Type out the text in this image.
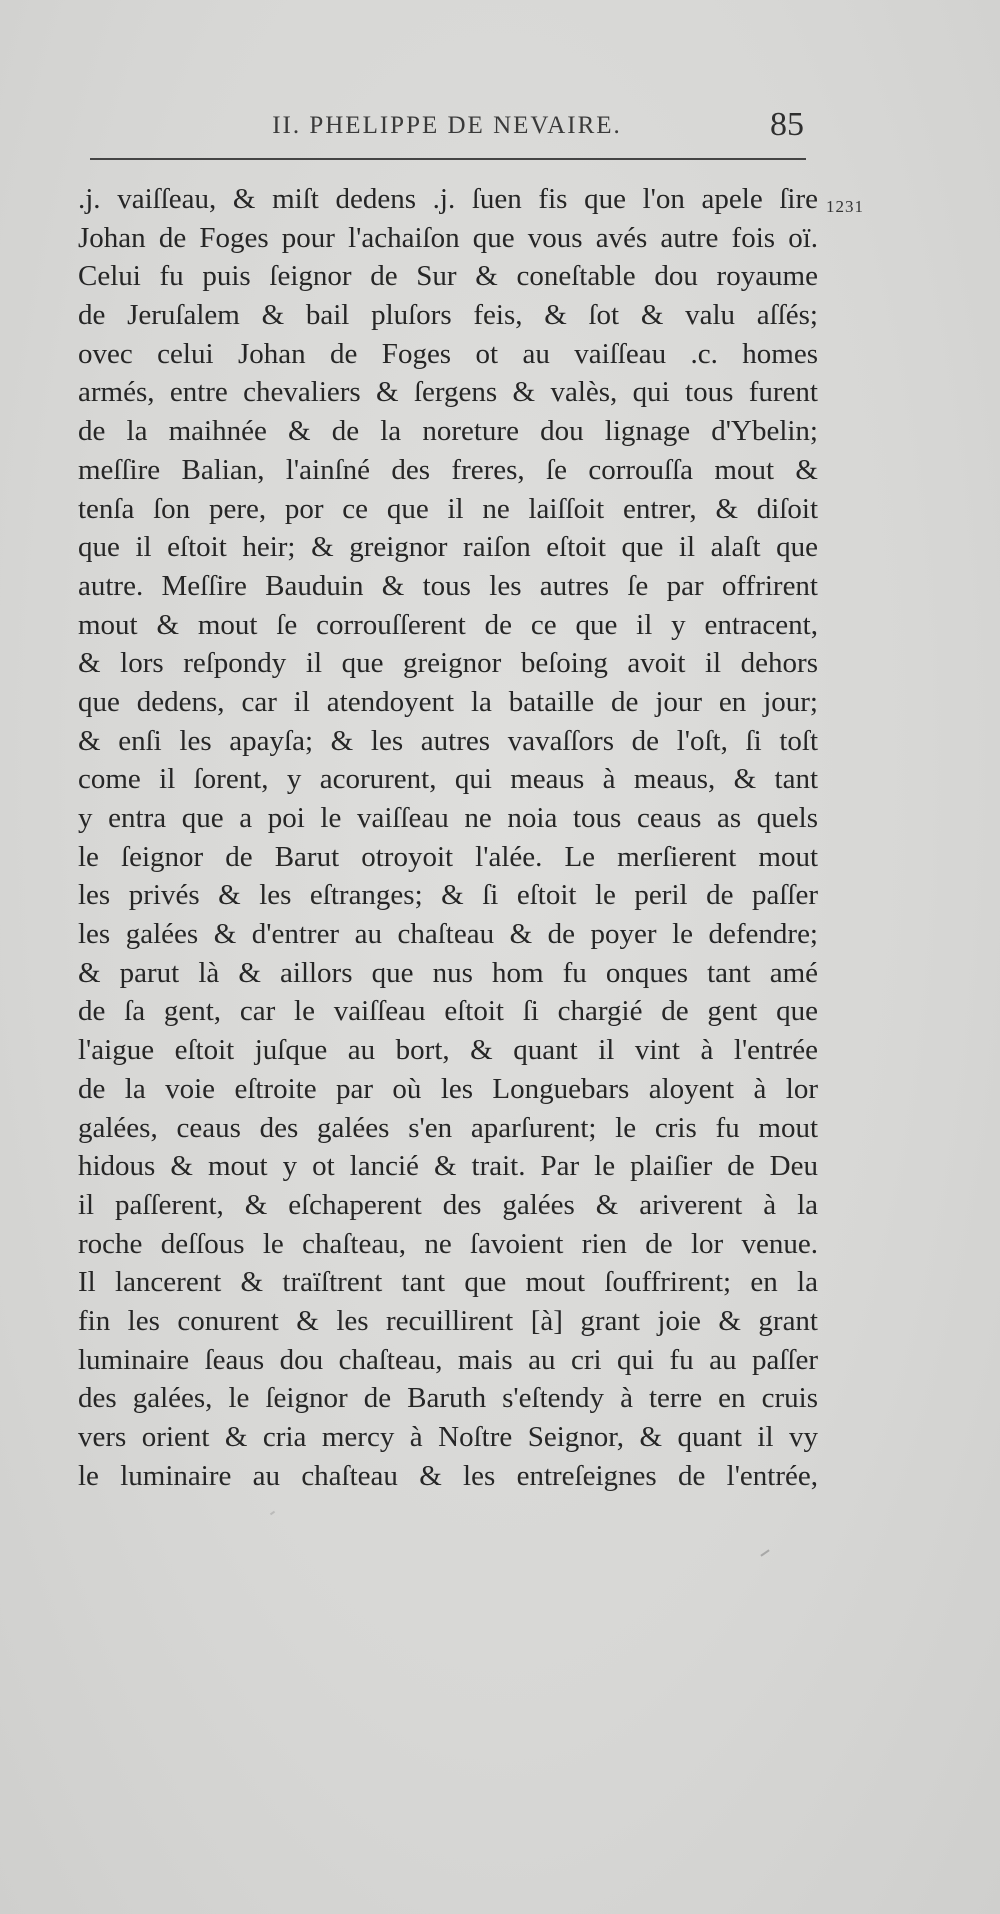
II. PHELIPPE DE NEVAIRE.	85
1231
.j. vaiſſeau, & miſt dedens .j. ſuen fis que l'on apele ſire
Johan de Foges pour l'achaiſon que vous avés autre fois oï.
Celui fu puis ſeignor de Sur & coneſtable dou royaume
de Jeruſalem & bail pluſors feis, & ſot & valu aſſés;
ovec celui Johan de Foges ot au vaiſſeau .c. homes
armés, entre chevaliers & ſergens & valès, qui tous furent
de la maihnée & de la noreture dou lignage d'Ybelin;
meſſire Balian, l'ainſné des freres, ſe corrouſſa mout &
tenſa ſon pere, por ce que il ne laiſſoit entrer, & diſoit
que il eſtoit heir; & greignor raiſon eſtoit que il alaſt que
autre. Meſſire Bauduin & tous les autres ſe par offrirent
mout & mout ſe corrouſſerent de ce que il y entracent,
& lors reſpondy il que greignor beſoing avoit il dehors
que dedens, car il atendoyent la bataille de jour en jour;
& enſi les apayſa; & les autres vavaſſors de l'oſt, ſi toſt
come il ſorent, y acorurent, qui meaus à meaus, & tant
y entra que a poi le vaiſſeau ne noia tous ceaus as quels
le ſeignor de Barut otroyoit l'alée. Le merſierent mout
les privés & les eſtranges; & ſi eſtoit le peril de paſſer
les galées & d'entrer au chaſteau & de poyer le defendre;
& parut là & aillors que nus hom fu onques tant amé
de ſa gent, car le vaiſſeau eſtoit ſi chargié de gent que
l'aigue eſtoit juſque au bort, & quant il vint à l'entrée
de la voie eſtroite par où les Longuebars aloyent à lor
galées, ceaus des galées s'en aparſurent; le cris fu mout
hidous & mout y ot lancié & trait. Par le plaiſier de Deu
il paſſerent, & eſchaperent des galées & ariverent à la
roche deſſous le chaſteau, ne ſavoient rien de lor venue.
Il lancerent & traïſtrent tant que mout ſouffrirent; en la
fin les conurent & les recuillirent [à] grant joie & grant
luminaire ſeaus dou chaſteau, mais au cri qui fu au paſſer
des galées, le ſeignor de Baruth s'eſtendy à terre en cruis
vers orient & cria mercy à Noſtre Seignor, & quant il vy
le luminaire au chaſteau & les entreſeignes de l'entrée,
